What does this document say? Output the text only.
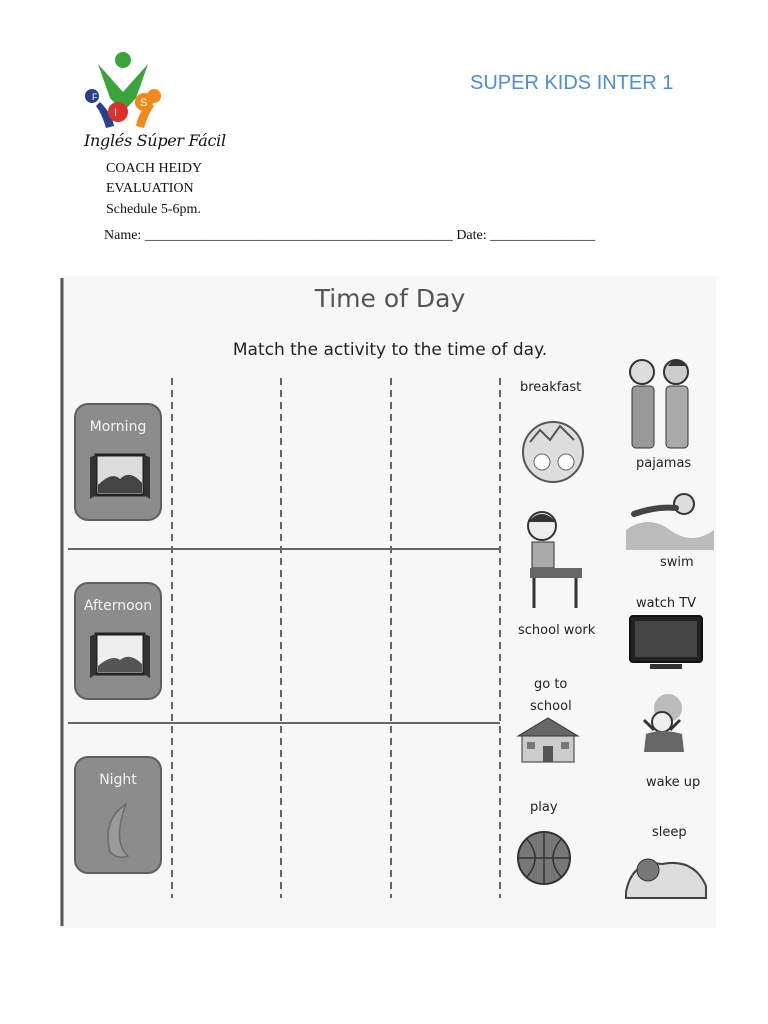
I
S
F
Inglés Súper Fácil
SUPER KIDS INTER 1
COACH HEIDY
EVALUATION
Schedule 5-6pm.
Name: ____________________________________________ Date: _______________
Time of Day
Match the activity to the time of day.
Morning
Afternoon
Night
breakfast
school work
go to
school
play
pajamas
swim
watch TV
wake up
sleep
